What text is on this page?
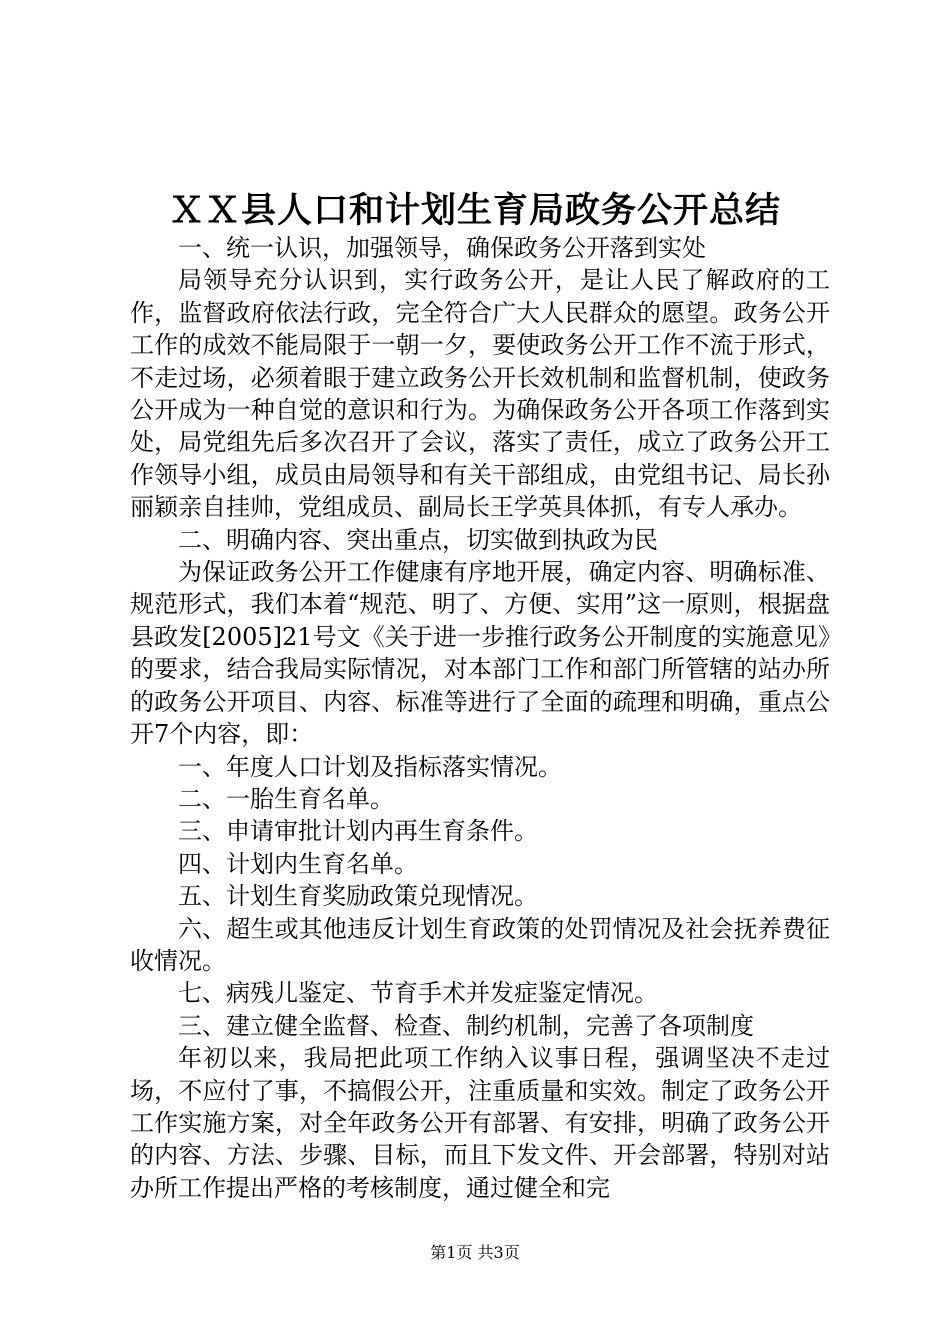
ＸＸ县人口和计划生育局政务公开总结

一、统一认识，加强领导，确保政务公开落到实处

局领导充分认识到，实行政务公开，是让人民了解政府的工作，监督政府依法行政，完全符合广大人民群众的愿望。政务公开工作的成效不能局限于一朝一夕，要使政务公开工作不流于形式，不走过场，必须着眼于建立政务公开长效机制和监督机制，使政务公开成为一种自觉的意识和行为。为确保政务公开各项工作落到实处，局党组先后多次召开了会议，落实了责任，成立了政务公开工作领导小组，成员由局领导和有关干部组成，由党组书记、局长孙丽颖亲自挂帅，党组成员、副局长王学英具体抓，有专人承办。

二、明确内容、突出重点，切实做到执政为民

为保证政务公开工作健康有序地开展，确定内容、明确标准、规范形式，我们本着“规范、明了、方便、实用”这一原则，根据盘县政发[2005]21号文《关于进一步推行政务公开制度的实施意见》的要求，结合我局实际情况，对本部门工作和部门所管辖的站办所的政务公开项目、内容、标准等进行了全面的疏理和明确，重点公开7个内容，即：

一、年度人口计划及指标落实情况。

二、一胎生育名单。

三、申请审批计划内再生育条件。

四、计划内生育名单。

五、计划生育奖励政策兑现情况。

六、超生或其他违反计划生育政策的处罚情况及社会抚养费征收情况。

七、病残儿鉴定、节育手术并发症鉴定情况。

三、建立健全监督、检查、制约机制，完善了各项制度

年初以来，我局把此项工作纳入议事日程，强调坚决不走过场，不应付了事，不搞假公开，注重质量和实效。制定了政务公开工作实施方案，对全年政务公开有部署、有安排，明确了政务公开的内容、方法、步骤、目标，而且下发文件、开会部署，特别对站办所工作提出严格的考核制度，通过健全和完

第1页 共3页
